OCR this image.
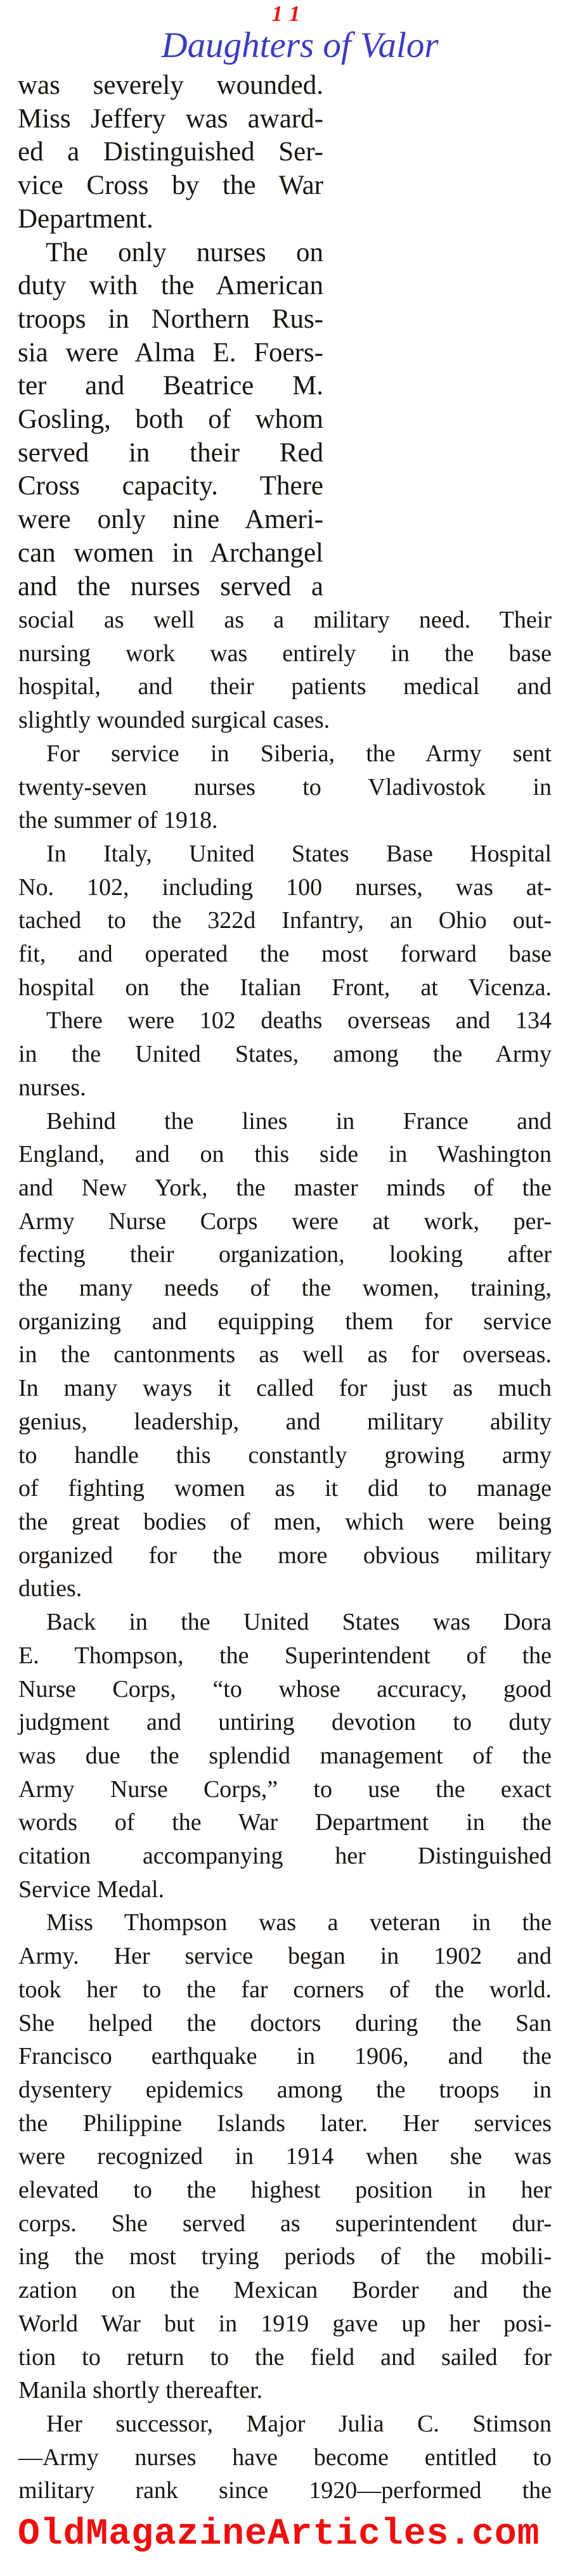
11
Daughters of Valor
was severely wounded.
Miss Jeffery was award-
ed a Distinguished Ser-
vice Cross by the War
Department.
The only nurses on
duty with the American
troops in Northern Rus-
sia were Alma E. Foers-
ter and Beatrice M.
Gosling, both of whom
served in their Red
Cross capacity. There
were only nine Ameri-
can women in Archangel
and the nurses served a
social as well as a military need. Their
nursing work was entirely in the base
hospital, and their patients medical and
slightly wounded surgical cases.
For service in Siberia, the Army sent
twenty-seven nurses to Vladivostok in
the summer of 1918.
In Italy, United States Base Hospital
No. 102, including 100 nurses, was at-
tached to the 322d Infantry, an Ohio out-
fit, and operated the most forward base
hospital on the Italian Front, at Vicenza.
There were 102 deaths overseas and 134
in the United States, among the Army
nurses.
Behind the lines in France and
England, and on this side in Washington
and New York, the master minds of the
Army Nurse Corps were at work, per-
fecting their organization, looking after
the many needs of the women, training,
organizing and equipping them for service
in the cantonments as well as for overseas.
In many ways it called for just as much
genius, leadership, and military ability
to handle this constantly growing army
of fighting women as it did to manage
the great bodies of men, which were being
organized for the more obvious military
duties.
Back in the United States was Dora
E. Thompson, the Superintendent of the
Nurse Corps, “to whose accuracy, good
judgment and untiring devotion to duty
was due the splendid management of the
Army Nurse Corps,” to use the exact
words of the War Department in the
citation accompanying her Distinguished
Service Medal.
Miss Thompson was a veteran in the
Army. Her service began in 1902 and
took her to the far corners of the world.
She helped the doctors during the San
Francisco earthquake in 1906, and the
dysentery epidemics among the troops in
the Philippine Islands later. Her services
were recognized in 1914 when she was
elevated to the highest position in her
corps. She served as superintendent dur-
ing the most trying periods of the mobili-
zation on the Mexican Border and the
World War but in 1919 gave up her posi-
tion to return to the field and sailed for
Manila shortly thereafter.
Her successor, Major Julia C. Stimson
—Army nurses have become entitled to
military rank since 1920—performed the
OldMagazineArticles.com
